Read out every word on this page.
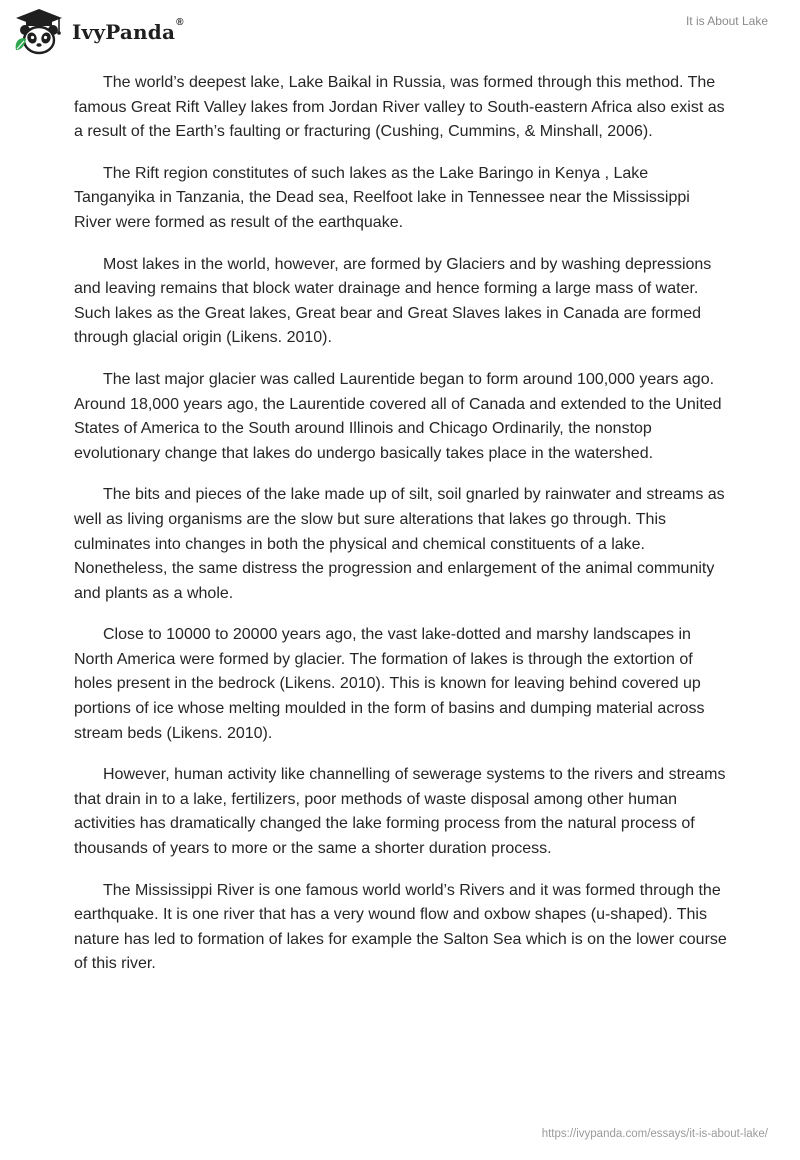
IvyPanda®	It is About Lake

The world’s deepest lake, Lake Baikal in Russia, was formed through this method. The famous Great Rift Valley lakes from Jordan River valley to South-eastern Africa also exist as a result of the Earth’s faulting or fracturing (Cushing, Cummins, & Minshall, 2006).

The Rift region constitutes of such lakes as the Lake Baringo in Kenya , Lake Tanganyika in Tanzania, the Dead sea, Reelfoot lake in Tennessee near the Mississippi River were formed as result of the earthquake.

Most lakes in the world, however, are formed by Glaciers and by washing depressions and leaving remains that block water drainage and hence forming a large mass of water. Such lakes as the Great lakes, Great bear and Great Slaves lakes in Canada are formed through glacial origin (Likens. 2010).

The last major glacier was called Laurentide began to form around 100,000 years ago. Around 18,000 years ago, the Laurentide covered all of Canada and extended to the United States of America to the South around Illinois and Chicago Ordinarily, the nonstop evolutionary change that lakes do undergo basically takes place in the watershed.

The bits and pieces of the lake made up of silt, soil gnarled by rainwater and streams as well as living organisms are the slow but sure alterations that lakes go through. This culminates into changes in both the physical and chemical constituents of a lake. Nonetheless, the same distress the progression and enlargement of the animal community and plants as a whole.

Close to 10000 to 20000 years ago, the vast lake-dotted and marshy landscapes in North America were formed by glacier. The formation of lakes is through the extortion of holes present in the bedrock (Likens. 2010). This is known for leaving behind covered up portions of ice whose melting moulded in the form of basins and dumping material across stream beds (Likens. 2010).

However, human activity like channelling of sewerage systems to the rivers and streams that drain in to a lake, fertilizers, poor methods of waste disposal among other human activities has dramatically changed the lake forming process from the natural process of thousands of years to more or the same a shorter duration process.

The Mississippi River is one famous world world’s Rivers and it was formed through the earthquake. It is one river that has a very wound flow and oxbow shapes (u-shaped). This nature has led to formation of lakes for example the Salton Sea which is on the lower course of this river.

https://ivypanda.com/essays/it-is-about-lake/
